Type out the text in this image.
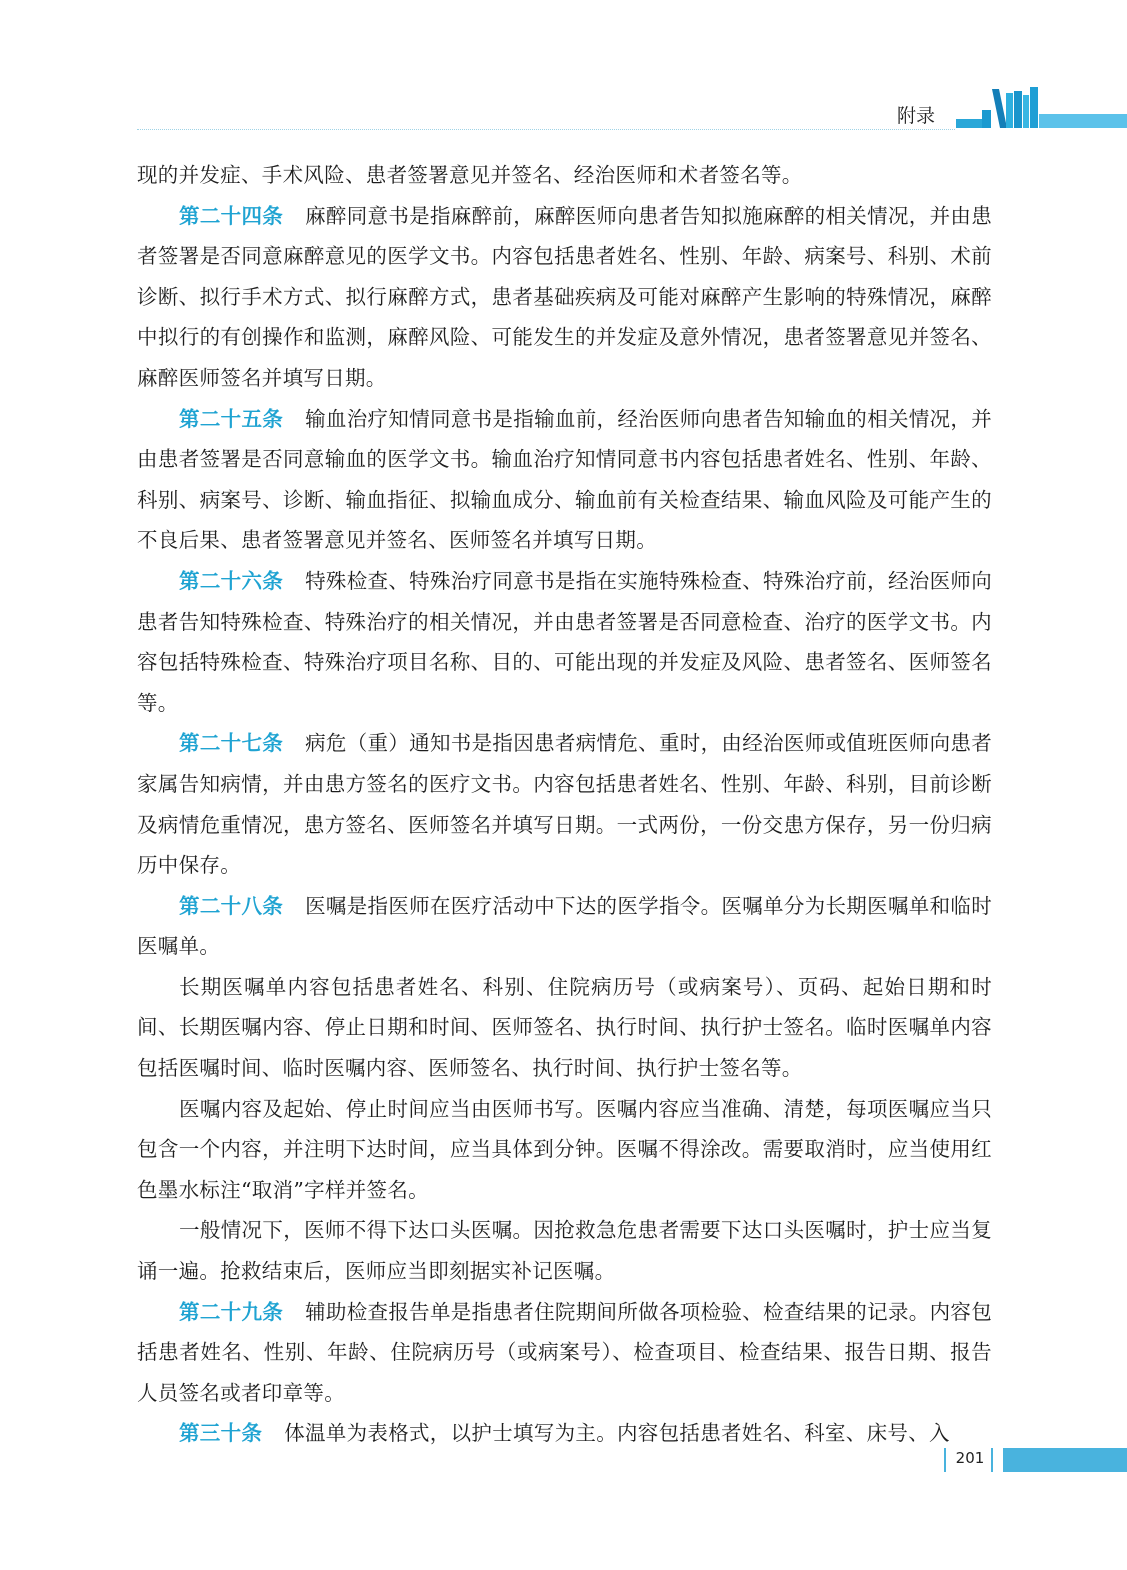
附录

现的并发症、手术风险、患者签署意见并签名、经治医师和术者签名等。

第二十四条 麻醉同意书是指麻醉前，麻醉医师向患者告知拟施麻醉的相关情况，并由患者签署是否同意麻醉意见的医学文书。内容包括患者姓名、性别、年龄、病案号、科别、术前诊断、拟行手术方式、拟行麻醉方式，患者基础疾病及可能对麻醉产生影响的特殊情况，麻醉中拟行的有创操作和监测，麻醉风险、可能发生的并发症及意外情况，患者签署意见并签名、麻醉医师签名并填写日期。

第二十五条 输血治疗知情同意书是指输血前，经治医师向患者告知输血的相关情况，并由患者签署是否同意输血的医学文书。输血治疗知情同意书内容包括患者姓名、性别、年龄、科别、病案号、诊断、输血指征、拟输血成分、输血前有关检查结果、输血风险及可能产生的不良后果、患者签署意见并签名、医师签名并填写日期。

第二十六条 特殊检查、特殊治疗同意书是指在实施特殊检查、特殊治疗前，经治医师向患者告知特殊检查、特殊治疗的相关情况，并由患者签署是否同意检查、治疗的医学文书。内容包括特殊检查、特殊治疗项目名称、目的、可能出现的并发症及风险、患者签名、医师签名等。

第二十七条 病危（重）通知书是指因患者病情危、重时，由经治医师或值班医师向患者家属告知病情，并由患方签名的医疗文书。内容包括患者姓名、性别、年龄、科别，目前诊断及病情危重情况，患方签名、医师签名并填写日期。一式两份，一份交患方保存，另一份归病历中保存。

第二十八条 医嘱是指医师在医疗活动中下达的医学指令。医嘱单分为长期医嘱单和临时医嘱单。

长期医嘱单内容包括患者姓名、科别、住院病历号（或病案号）、页码、起始日期和时间、长期医嘱内容、停止日期和时间、医师签名、执行时间、执行护士签名。临时医嘱单内容包括医嘱时间、临时医嘱内容、医师签名、执行时间、执行护士签名等。

医嘱内容及起始、停止时间应当由医师书写。医嘱内容应当准确、清楚，每项医嘱应当只包含一个内容，并注明下达时间，应当具体到分钟。医嘱不得涂改。需要取消时，应当使用红色墨水标注“取消”字样并签名。

一般情况下，医师不得下达口头医嘱。因抢救急危患者需要下达口头医嘱时，护士应当复诵一遍。抢救结束后，医师应当即刻据实补记医嘱。

第二十九条 辅助检查报告单是指患者住院期间所做各项检验、检查结果的记录。内容包括患者姓名、性别、年龄、住院病历号（或病案号）、检查项目、检查结果、报告日期、报告人员签名或者印章等。

第三十条 体温单为表格式，以护士填写为主。内容包括患者姓名、科室、床号、入

201
